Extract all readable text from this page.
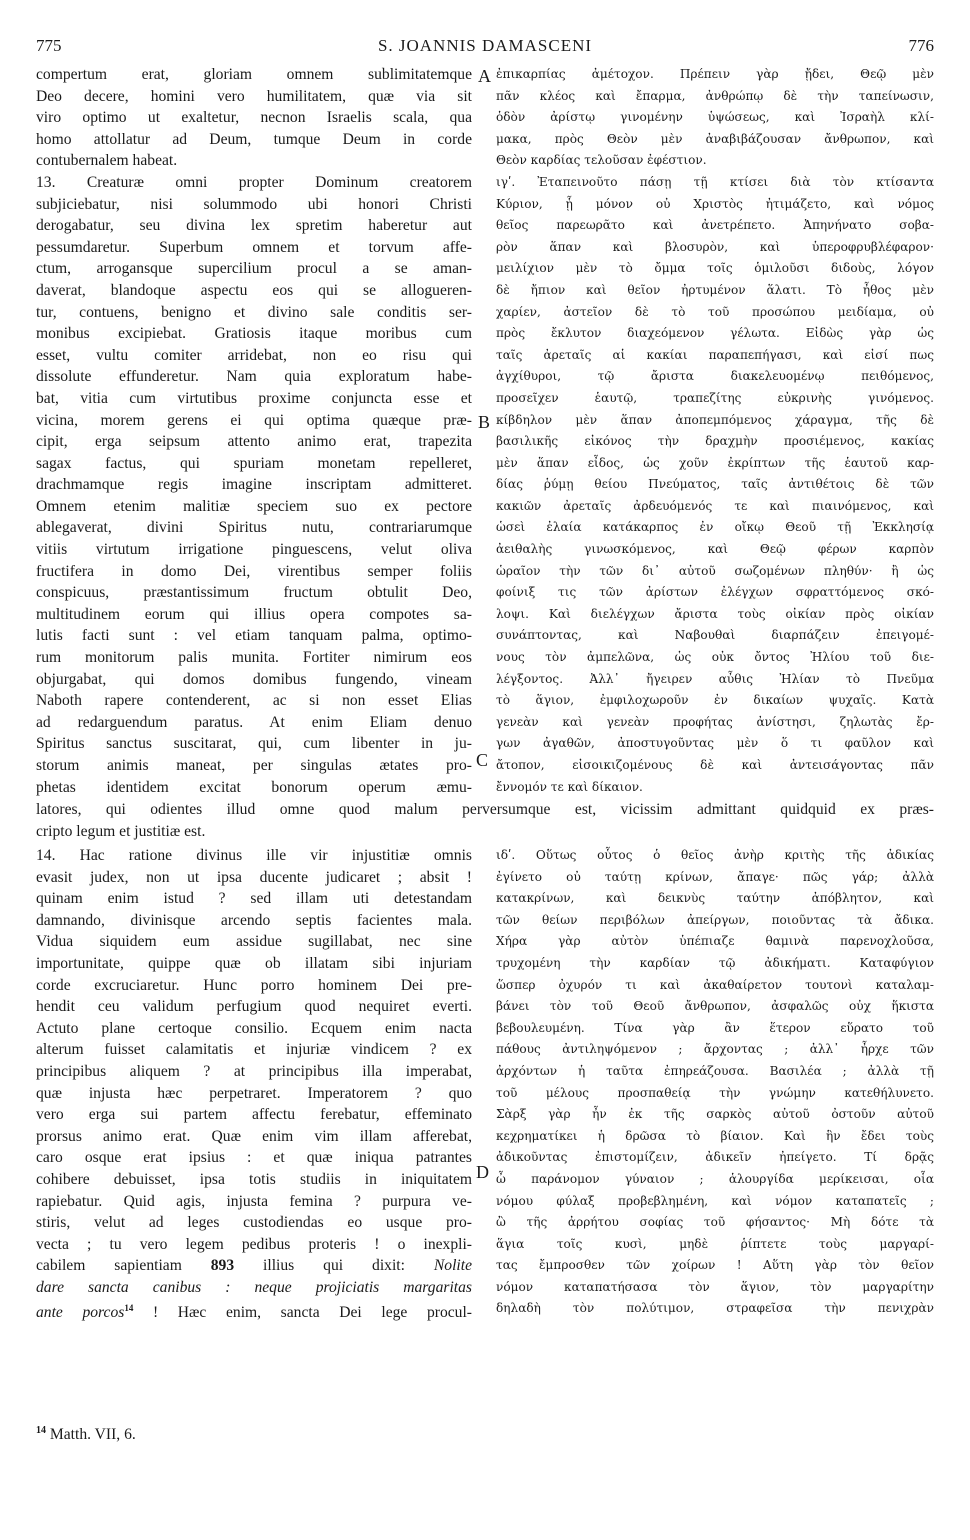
775	S. JOANNIS DAMASCENI	776
compertum erat, gloriam omnem sublimitatemque
Deo decere, homini vero humilitatem, quæ via sit
viro optimo ut exaltetur, necnon Israelis scala, qua
homo attollatur ad Deum, tumque Deum in corde
contubernalem habeat.
13. Creaturæ omni propter Dominum creatorem
subjiciebatur, nisi solummodo ubi honori Christi
derogabatur, seu divina lex spretim haberetur aut
pessumdaretur. Superbum omnem et torvum affe-
ctum, arrogansque supercilium procul a se aman-
daverat, blandoque aspectu eos qui se allogueren-
tur, contuens, benigno et divino sale conditis ser-
monibus excipiebat. Gratiosis itaque moribus cum
esset, vultu comiter arridebat, non eo risu qui
dissolute effunderetur. Nam quia exploratum habe-
bat, vitia cum virtutibus proxime conjuncta esse et
vicina, morem gerens ei qui optima quæque præ-
cipit, erga seipsum attento animo erat, trapezita
sagax factus, qui spuriam monetam repelleret,
drachmamque regis imagine inscriptam admitteret.
Omnem etenim malitiæ speciem suo ex pectore
ablegaverat, divini Spiritus nutu, contrariarumque
vitiis virtutum irrigatione pinguescens, velut oliva
fructifera in domo Dei, virentibus semper foliis
conspicuus, præstantissimum fructum obtulit Deo,
multitudinem eorum qui illius opera compotes sa-
lutis facti sunt : vel etiam tanquam palma, optimo-
rum monitorum palis munita. Fortiter nimirum eos
objurgabat, qui domos domibus fungendo, vineam
Naboth rapere contenderent, ac si non esset Elias
ad redarguendum paratus. At enim Eliam denuo
Spiritus sanctus suscitarat, qui, cum libenter in ju-
storum animis maneat, per singulas ætates pro-
phetas identidem excitat bonorum operum æmu-
ἐπικαρπίας ἀμέτοχον. Πρέπειν γὰρ ᾔδει, Θεῷ μὲν
πᾶν κλέος καὶ ἔπαρμα, ἀνθρώπῳ δὲ τὴν ταπείνωσιν,
ὁδὸν ἀρίστῳ γινομένην ὑψώσεως, καὶ Ἰσραὴλ κλί-
μακα, πρὸς Θεὸν μὲν ἀναβιβάζουσαν ἄνθρωπον, καὶ
Θεὸν καρδίας τελοῦσαν ἐφέστιον.
ιγʹ. Ἐταπεινοῦτο πάσῃ τῇ κτίσει διὰ τὸν κτίσαντα
Κύριον, ᾗ μόνον οὐ Χριστὸς ἠτιμάζετο, καὶ νόμος
θεῖος παρεωρᾶτο καὶ ἀνετρέπετο. Ἀπηνήνατο σοβα-
ρὸν ἅπαν καὶ βλοσυρὸν, καὶ ὑπεροφρυβλέφαρον·
μειλίχιον μὲν τὸ ὄμμα τοῖς ὁμιλοῦσι διδοὺς, λόγον
δὲ ἤπιον καὶ θεῖον ἠρτυμένον ἅλατι. Τὸ ἦθος μὲν
χαρίεν, ἀστεῖον δὲ τὸ τοῦ προσώπου μειδίαμα, οὐ
πρὸς ἔκλυτον διαχεόμενον γέλωτα. Εἰδὼς γὰρ ὡς
ταῖς ἀρεταῖς αἱ κακίαι παραπεπήγασι, καὶ εἰσί πως
ἀγχίθυροι, τῷ ἄριστα διακελευομένῳ πειθόμενος,
προσεῖχεν ἑαυτῷ, τραπεζίτης εὐκρινὴς γινόμενος.
κίβδηλον μὲν ἅπαν ἀποπεμπόμενος χάραγμα, τῆς δὲ
βασιλικῆς εἰκόνος τὴν δραχμὴν προσιέμενος, κακίας
μὲν ἅπαν εἶδος, ὡς χοῦν ἐκρίπτων τῆς ἑαυτοῦ καρ-
δίας ῥύμῃ θείου Πνεύματος, ταῖς ἀντιθέτοις δὲ τῶν
κακιῶν ἀρεταῖς ἀρδευόμενός τε καὶ πιαινόμενος, καὶ
ὡσεὶ ἐλαία κατάκαρπος ἐν οἴκῳ Θεοῦ τῇ Ἐκκλησίᾳ
ἀειθαλὴς γινωσκόμενος, καὶ Θεῷ φέρων καρπὸν
ὡραῖον τὴν τῶν δι᾽ αὐτοῦ σωζομένων πληθύν· ἢ ὡς
φοίνιξ τις τῶν ἀρίστων ἐλέγχων σφραττόμενος σκό-
λοψι. Καὶ διελέγχων ἄριστα τοὺς οἰκίαν πρὸς οἰκίαν
συνάπτοντας, καὶ Ναβουθαὶ διαρπάζειν ἐπειγομέ-
νους τὸν ἀμπελῶνα, ὡς οὐκ ὄντος Ἠλίου τοῦ διε-
λέγξοντος. Ἀλλ᾽ ἤγειρεν αὖθις Ἠλίαν τὸ Πνεῦμα
τὸ ἅγιον, ἐμφιλοχωροῦν ἐν δικαίων ψυχαῖς. Κατὰ
γενεὰν καὶ γενεὰν προφήτας ἀνίστησι, ζηλωτὰς ἔρ-
γων ἀγαθῶν, ἀποστυγοῦντας μὲν ὅ τι φαῦλον καὶ
ἄτοπον, εἰσοικιζομένους δὲ καὶ ἀντεισάγοντας πᾶν
ἔννομόν τε καὶ δίκαιον.
A
B
C
D
latores, qui odientes illud omne quod malum perversumque est, vicissim admittant quidquid ex præs-
cripto legum et justitiæ est.
14. Hac ratione divinus ille vir injustitiæ omnis
evasit judex, non ut ipsa ducente judicaret ; absit !
quinam enim istud ? sed illam uti detestandam
damnando, divinisque arcendo septis facientes mala.
Vidua siquidem eum assidue sugillabat, nec sine
importunitate, quippe quæ ob illatam sibi injuriam
corde excruciaretur. Hunc porro hominem Dei pre-
hendit ceu validum perfugium quod nequiret everti.
Actuto plane certoque consilio. Ecquem enim nacta
alterum fuisset calamitatis et injuriæ vindicem ? ex
principibus aliquem ? at principibus illa imperabat,
quæ injusta hæc perpetraret. Imperatorem ? quo
vero erga sui partem affectu ferebatur, effeminato
prorsus animo erat. Quæ enim vim illam afferebat,
caro osque erat ipsius : et quæ iniqua patrantes
cohibere debuisset, ipsa totis studiis in iniquitatem
rapiebatur. Quid agis, injusta femina ? purpura ve-
stiris, velut ad leges custodiendas eo usque pro-
vecta ; tu vero legem pedibus proteris ! o inexpli-
cabilem sapientiam 893 illius qui dixit: Nolite
dare sancta canibus : neque projiciatis margaritas
ante porcos$^{14}$ ! Hæc enim, sancta Dei lege procul-
ιδʹ. Οὕτως οὗτος ὁ θεῖος ἀνὴρ κριτὴς τῆς ἀδικίας
ἐγίνετο οὐ ταύτῃ κρίνων, ἄπαγε· πῶς γάρ; ἀλλὰ
κατακρίνων, καὶ δεικνὺς ταύτην ἀπόβλητον, καὶ
τῶν θείων περιβόλων ἀπείργων, ποιοῦντας τὰ ἄδικα.
Χήρα γὰρ αὐτὸν ὑπέπιαζε θαμινὰ παρενοχλοῦσα,
τρυχομένη τὴν καρδίαν τῷ ἀδικήματι. Καταφύγιον
ὥσπερ ὀχυρόν τι καὶ ἀκαθαίρετον τουτονὶ καταλαμ-
βάνει τὸν τοῦ Θεοῦ ἄνθρωπον, ἀσφαλῶς οὐχ ἥκιστα
βεβουλευμένη. Τίνα γὰρ ἂν ἕτερον εὕρατο τοῦ
πάθους ἀντιληψόμενον ; ἄρχοντας ; ἀλλ᾽ ἦρχε τῶν
ἀρχόντων ἡ ταῦτα ἐπηρεάζουσα. Βασιλέα ; ἀλλὰ τῇ
τοῦ μέλους προσπαθείᾳ τὴν γνώμην κατεθήλυνετο.
Σὰρξ γὰρ ἦν ἐκ τῆς σαρκὸς αὐτοῦ ὀστοῦν αὐτοῦ
κεχρηματίκει ἡ δρῶσα τὸ βίαιον. Καὶ ἣν ἔδει τοὺς
ἀδικοῦντας ἐπιστομίζειν, ἀδικεῖν ἠπείγετο. Τί δρᾷς
ὦ παράνομον γύναιον ; ἁλουργίδα μερίκεισαι, οἷα
νόμου φύλαξ προβεβλημένη, καὶ νόμον καταπατεῖς ;
ὢ τῆς ἀρρήτου σοφίας τοῦ φήσαντος· Μὴ δότε τὰ
ἅγια τοῖς κυσὶ, μηδὲ ῥίπτετε τοὺς μαργαρί-
τας ἔμπροσθεν τῶν χοίρων ! Αὕτη γὰρ τὸν θεῖον
νόμον καταπατήσασα τὸν ἅγιον, τὸν μαργαρίτην
δηλαδὴ τὸν πολύτιμον, στραφεῖσα τὴν πενιχρὰν
$^{14}$ Matth. VII, 6.
